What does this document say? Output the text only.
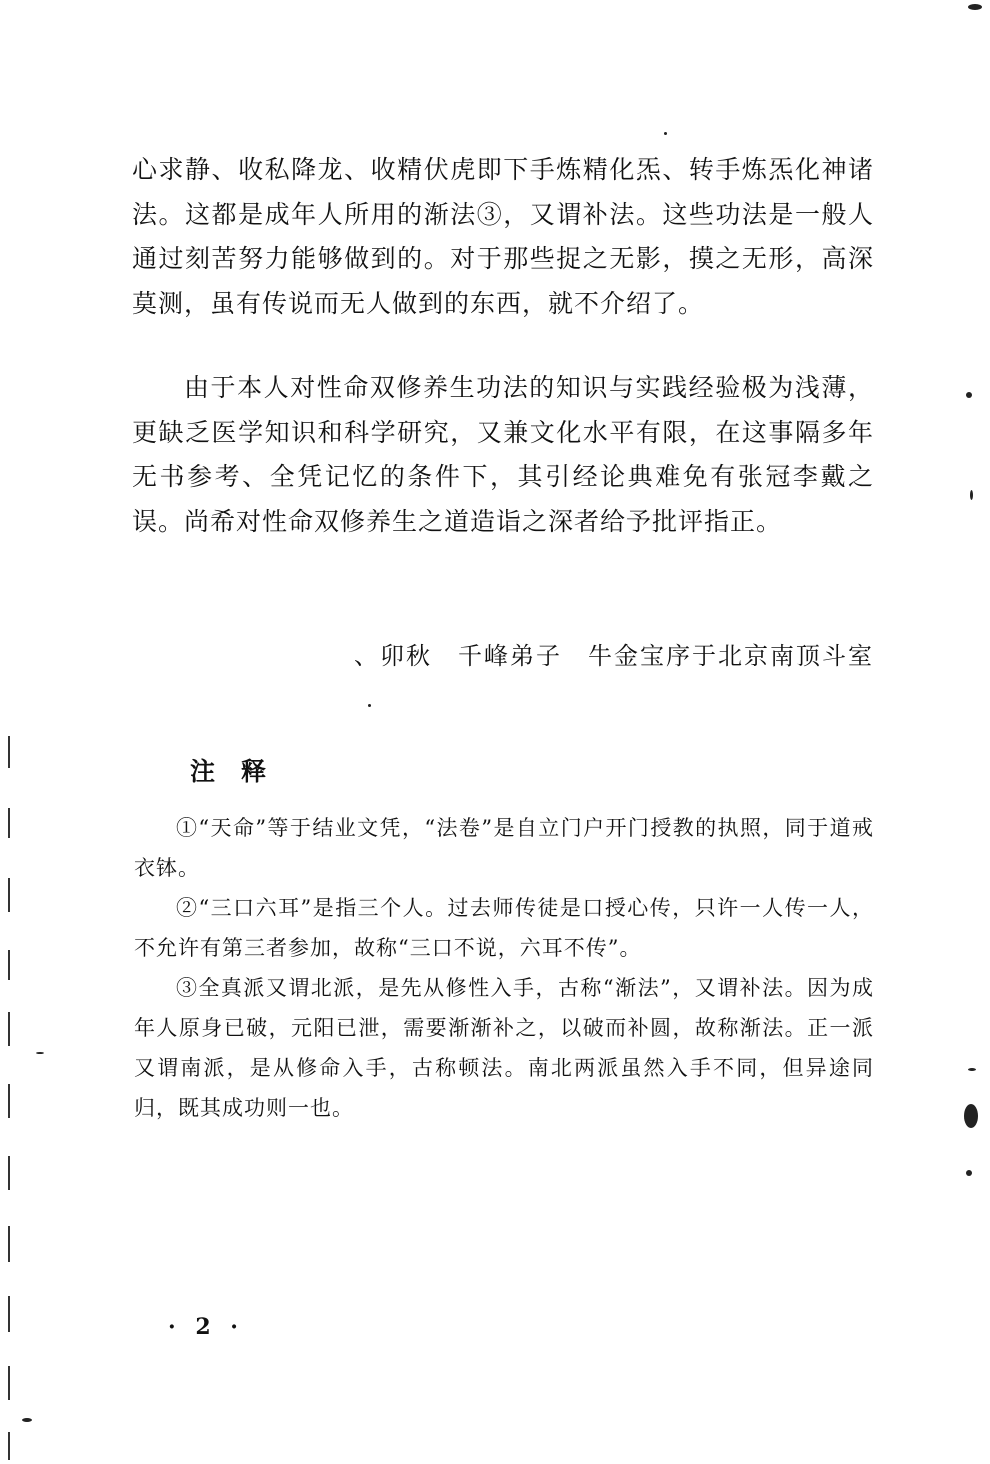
心求静、收私降龙、收精伏虎即下手炼精化炁、转手炼炁化神诸法。这都是成年人所用的渐法③，又谓补法。这些功法是一般人通过刻苦努力能够做到的。对于那些捉之无影，摸之无形，高深莫测，虽有传说而无人做到的东西，就不介绍了。

由于本人对性命双修养生功法的知识与实践经验极为浅薄，更缺乏医学知识和科学研究，又兼文化水平有限，在这事隔多年无书参考、全凭记忆的条件下，其引经论典难免有张冠李戴之误。尚希对性命双修养生之道造诣之深者给予批评指正。

、卯秋　千峰弟子　牛金宝序于北京南顶斗室
注释

①“天命”等于结业文凭，“法卷”是自立门户开门授教的执照，同于道戒衣钵。

②“三口六耳”是指三个人。过去师传徒是口授心传，只许一人传一人，不允许有第三者参加，故称“三口不说，六耳不传”。

③全真派又谓北派，是先从修性入手，古称“渐法”，又谓补法。因为成年人原身已破，元阳已泄，需要渐渐补之，以破而补圆，故称渐法。正一派又谓南派，是从修命入手，古称顿法。南北两派虽然入手不同，但异途同归，既其成功则一也。

· 2 ·
